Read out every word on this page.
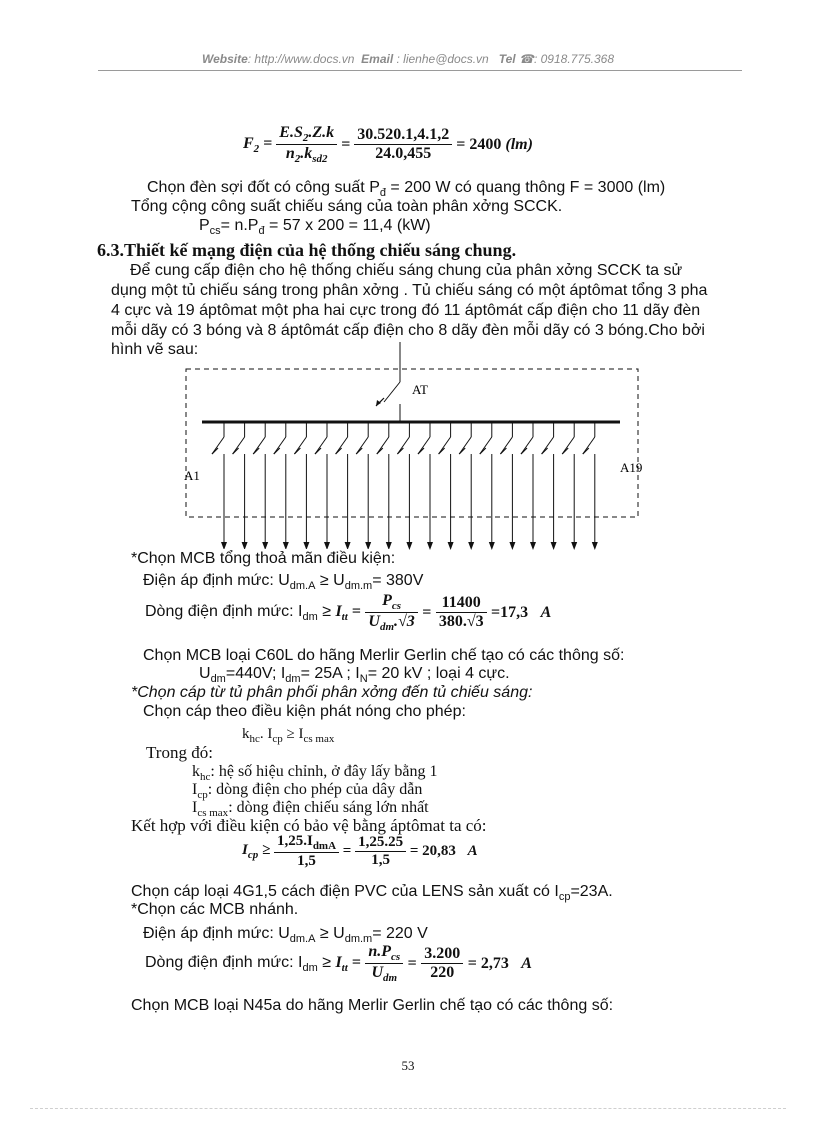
Website: http://www.docs.vn Email : lienhe@docs.vn Tel ☎: 0918.775.368
$F_2 = \frac{E.S_2.Z.k}{n_2.k_{sd2}} = \frac{30.520.1,4.1,2}{24.0,455} = 2400$ (lm)
Chọn đèn sợi đốt có công suất $P_đ = 200$ W có quang thông F = 3000 (lm)
Tổng cộng công suất chiếu sáng của toàn phân xởng SCCK.
$P_{cs}= n.P_đ = 57$ x 200 = 11,4 (kW)
6.3.Thiết kế mạng điện của hệ thống chiếu sáng chung.
Để cung cấp điện cho hệ thống chiếu sáng chung của phân xởng SCCK ta sử
dụng một tủ chiếu sáng trong phân xởng . Tủ chiếu sáng có một áptômat tổng 3 pha
4 cực và 19 áptômat một pha hai cực trong đó 11 áptômát cấp điện cho 11 dãy đèn
mỗi dãy có 3 bóng và 8 áptômát cấp điện cho 8 dãy đèn mỗi dãy có 3 bóng.Cho bởi
hình vẽ sau:
AT
A1
A19
*Chọn MCB tổng thoả mãn điều kiện:
Điện áp định mức: $U_{dm.A} \ge U_{dm.m}= 380V$
Dòng điện định mức: $I_{dm} \ge I_{tt} = \frac{P_{cs}}{U_{dm}.√3} = \frac{11400}{380.√3} =17,3$ A
Chọn MCB loại C60L do hãng Merlir Gerlin chế tạo có các thông số:
$U_{dm}=440V$; $I_{dm}= 25A$ ; $I_N= 20$ kV ; loại 4 cực.
*Chọn cáp từ tủ phân phối phân xởng đến tủ chiếu sáng:
Chọn cáp theo điều kiện phát nóng cho phép:
$k_{hc}$. $I_{cp} \ge I_{cs max}$
Trong đó:
$k_{hc}$: hệ số hiệu chỉnh, ở đây lấy bằng 1
$I_{cp}$: dòng điện cho phép của dây dẫn
$I_{cs max}$: dòng điện chiếu sáng lớn nhất
Kết hợp với điều kiện có bảo vệ bằng áptômat ta có:
$I_{cp} \ge \frac{1,25.I_{dmA}}{1,5} = \frac{1,25.25}{1,5} = 20,83$ A
Chọn cáp loại 4G1,5 cách điện PVC của LENS sản xuất có $I_{cp}=23A$.
*Chọn các MCB nhánh.
Điện áp định mức: $U_{dm.A} \ge U_{dm.m}= 220$ V
Dòng điện định mức: $I_{dm} \ge I_{tt} = \frac{n.P_{cs}}{U_{dm}} = \frac{3.200}{220} = 2,73$ A
Chọn MCB loại N45a do hãng Merlir Gerlin chế tạo có các thông số:
53
